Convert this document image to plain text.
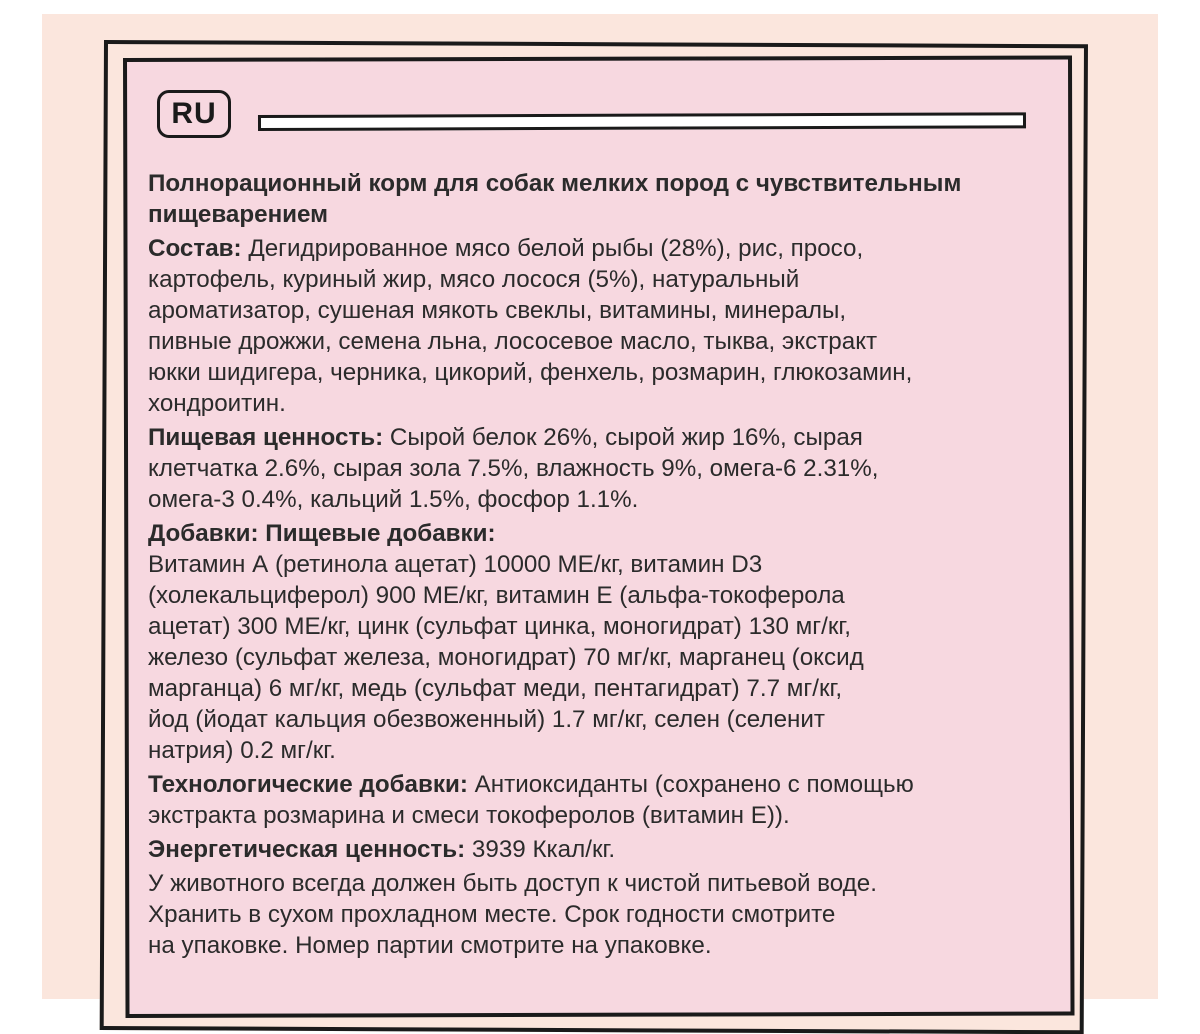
RU
Полнорационный корм для собак мелких пород с чувствительным
пищеварением
Состав: Дегидрированное мясо белой рыбы (28%), рис, просо,
картофель, куриный жир, мясо лосося (5%), натуральный
ароматизатор, сушеная мякоть свеклы, витамины, минералы,
пивные дрожжи, семена льна, лососевое масло, тыква, экстракт
юкки шидигера, черника, цикорий, фенхель, розмарин, глюкозамин,
хондроитин.
Пищевая ценность: Сырой белок 26%, сырой жир 16%, сырая
клетчатка 2.6%, сырая зола 7.5%, влажность 9%, омега-6 2.31%,
омега-3 0.4%, кальций 1.5%, фосфор 1.1%.
Добавки: Пищевые добавки:
Витамин А (ретинола ацетат) 10000 МЕ/кг, витамин D3
(холекальциферол) 900 МЕ/кг, витамин Е (альфа-токоферола
ацетат) 300 МЕ/кг, цинк (сульфат цинка, моногидрат) 130 мг/кг,
железо (сульфат железа, моногидрат) 70 мг/кг, марганец (оксид
марганца) 6 мг/кг, медь (сульфат меди, пентагидрат) 7.7 мг/кг,
йод (йодат кальция обезвоженный) 1.7 мг/кг, селен (селенит
натрия) 0.2 мг/кг.
Технологические добавки: Антиоксиданты (сохранено с помощью
экстракта розмарина и смеси токоферолов (витамин Е)).
Энергетическая ценность: 3939 Ккал/кг.
У животного всегда должен быть доступ к чистой питьевой воде.
Хранить в сухом прохладном месте. Срок годности смотрите
на упаковке. Номер партии смотрите на упаковке.
